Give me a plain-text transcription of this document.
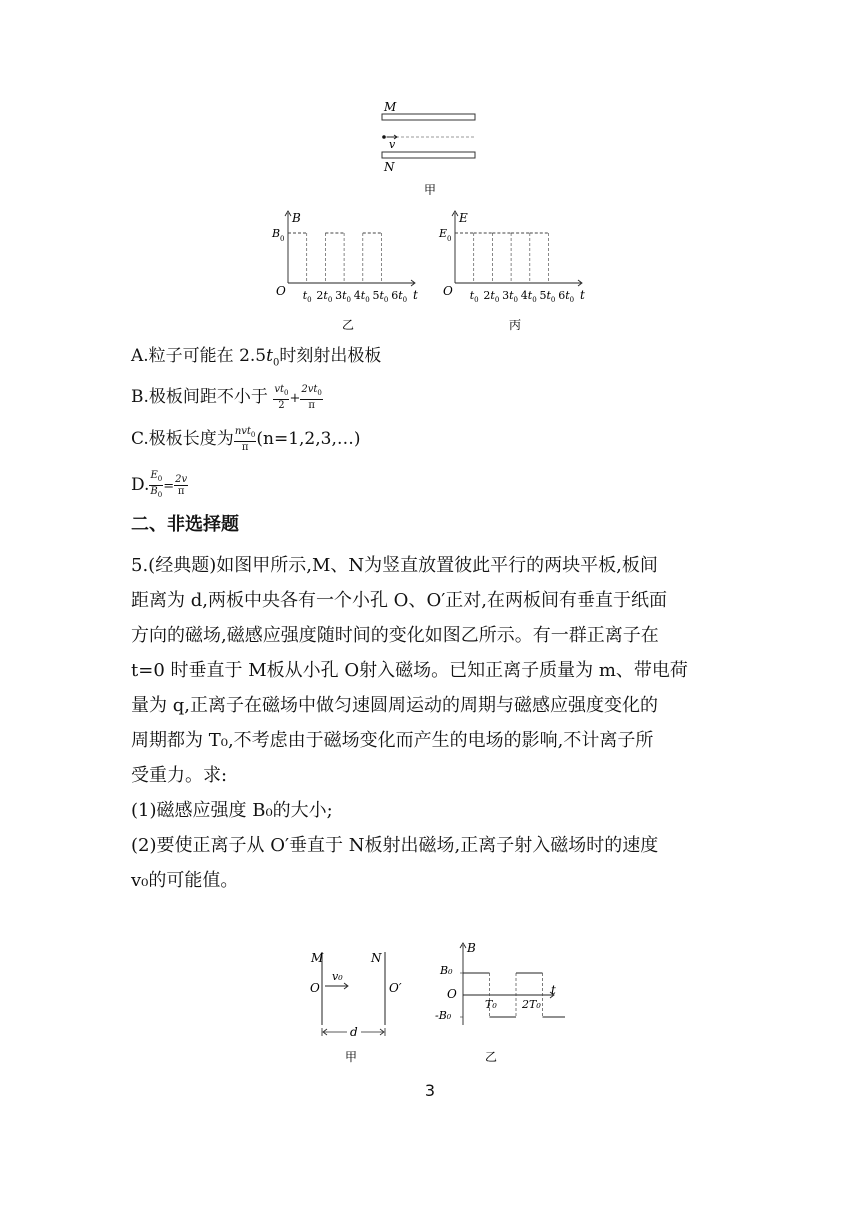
M
v
N
甲
B
B 0
O	t
$t_0$ $2t_0$ $3t_0$ $4t_0$ $5t_0$ $6t_0$
乙
E
E 0
O	t
$t_0$ $2t_0$ $3t_0$ $4t_0$ $5t_0$ $6t_0$
丙
A.粒子可能在 $2.5t_0$时刻射出极板
B.极板间距不小于 $\frac{vt_0}{2} + \frac{2vt_0}{\pi}$
C.极板长度为 $\frac{nvt_0}{\pi}$ (n=1,2,3,…)
D. $\frac{E_0}{B_0} = \frac{2v}{\pi}$
二、非选择题

5.(经典题)如图甲所示,M、N为竖直放置彼此平行的两块平板,板间

距离为 d,两板中央各有一个小孔 O、O′正对,在两板间有垂直于纸面

方向的磁场,磁感应强度随时间的变化如图乙所示。有一群正离子在

t=0 时垂直于 M板从小孔 O射入磁场。已知正离子质量为 m、带电荷

量为 q,正离子在磁场中做匀速圆周运动的周期与磁感应强度变化的

周期都为 T₀,不考虑由于磁场变化而产生的电场的影响,不计离子所

受重力。求:

(1)磁感应强度 B₀的大小;

(2)要使正离子从 O′垂直于 N板射出磁场,正离子射入磁场时的速度

v₀的可能值。

M	N
v₀
O	O′
d
甲
B
B₀
O
-B₀
T₀ 2T₀
t
乙
3
